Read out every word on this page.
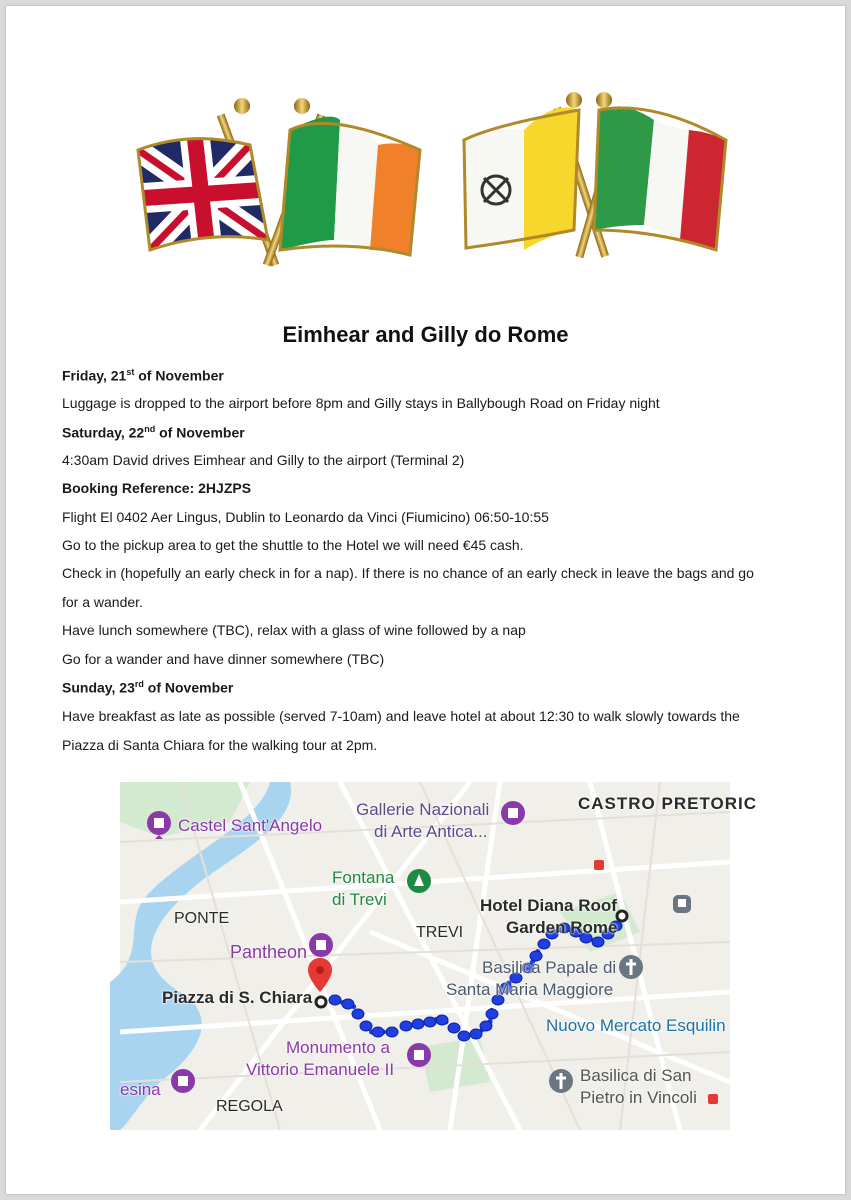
Eimhear and Gilly do Rome
Friday, 21st of November
Luggage is dropped to the airport before 8pm and Gilly stays in Ballybough Road on Friday night
Saturday, 22nd of November
4:30am David drives Eimhear and Gilly to the airport (Terminal 2)
Booking Reference: 2HJZPS
Flight El 0402 Aer Lingus, Dublin to Leonardo da Vinci (Fiumicino) 06:50-10:55
Go to the pickup area to get the shuttle to the Hotel we will need €45 cash.
Check in (hopefully an early check in for a nap). If there is no chance of an early check in leave the bags and go
for a wander.
Have lunch somewhere (TBC), relax with a glass of wine followed by a nap
Go for a wander and have dinner somewhere (TBC)
Sunday, 23rd of November
Have breakfast as late as possible (served 7-10am) and leave hotel at about 12:30 to walk slowly towards the
Piazza di Santa Chiara for the walking tour at 2pm.
CASTRO PRETORIC
Gallerie Nazionali
di Arte Antica...
Castel Sant'Angelo
Fontana
di Trevi
PONTE
TREVI
Hotel Diana Roof
Garden Rome
Pantheon
Basilica Papale di
Santa Maria Maggiore
Piazza di S. Chiara
Nuovo Mercato Esquilin
Monumento a
Vittorio Emanuele II	Basilica di San
Pietro in Vincoli
esina
REGOLA
